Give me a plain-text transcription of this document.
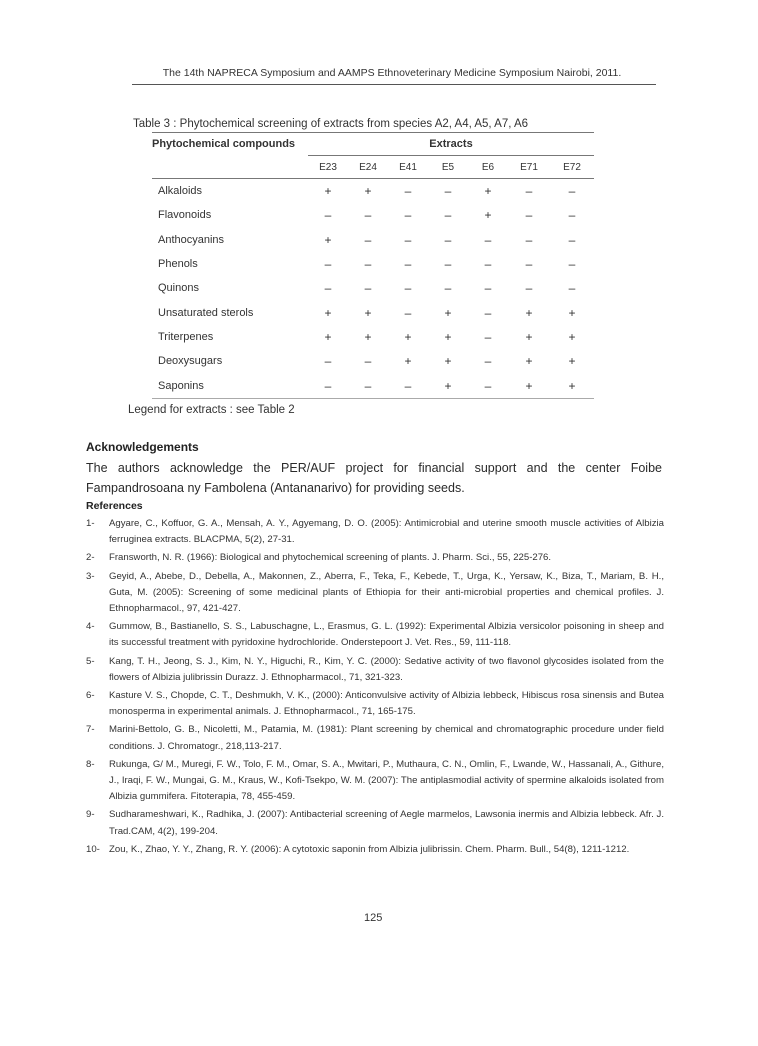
The 14th NAPRECA Symposium and AAMPS Ethnoveterinary Medicine Symposium Nairobi, 2011.
Table 3 : Phytochemical screening of extracts from species A2, A4, A5, A7, A6

Phytochemical compounds	Extracts						
	E23	E24	E41	E5	E6	E71	E72
Alkaloids	+	+	–	–	+	–	–
Flavonoids	–	–	–	–	+	–	–
Anthocyanins	+	–	–	–	–	–	–
Phenols	–	–	–	–	–	–	–
Quinons	–	–	–	–	–	–	–
Unsaturated sterols	+	+	–	+	–	+	+
Triterpenes	+	+	+	+	–	+	+
Deoxysugars	–	–	+	+	–	+	+
Saponins	–	–	–	+	–	+	+
Legend for extracts : see Table 2
Acknowledgements
The authors acknowledge the PER/AUF project for financial support and the center Foibe Fampandrosoana ny Fambolena (Antananarivo) for providing seeds.
References
1-	Agyare, C., Koffuor, G. A., Mensah, A. Y., Agyemang, D. O. (2005): Antimicrobial and uterine smooth muscle activities of Albizia ferruginea extracts. BLACPMA, 5(2), 27-31.
2-	Fransworth, N. R. (1966): Biological and phytochemical screening of plants. J. Pharm. Sci., 55, 225-276.
3-	Geyid, A., Abebe, D., Debella, A., Makonnen, Z., Aberra, F., Teka, F., Kebede, T., Urga, K., Yersaw, K., Biza, T., Mariam, B. H., Guta, M. (2005): Screening of some medicinal plants of Ethiopia for their anti-microbial properties and chemical profiles. J. Ethnopharmacol., 97, 421-427.
4-	Gummow, B., Bastianello, S. S., Labuschagne, L., Erasmus, G. L. (1992): Experimental Albizia versicolor poisoning in sheep and its successful treatment with pyridoxine hydrochloride. Onderstepoort J. Vet. Res., 59, 111-118.
5-	Kang, T. H., Jeong, S. J., Kim, N. Y., Higuchi, R., Kim, Y. C. (2000): Sedative activity of two flavonol glycosides isolated from the flowers of Albizia julibrissin Durazz. J. Ethnopharmacol., 71, 321-323.
6-	Kasture V. S., Chopde, C. T., Deshmukh, V. K., (2000): Anticonvulsive activity of Albizia lebbeck, Hibiscus rosa sinensis and Butea monosperma in experimental animals. J. Ethnopharmacol., 71, 165-175.
7-	Marini-Bettolo, G. B., Nicoletti, M., Patamia, M. (1981): Plant screening by chemical and chromatographic procedure under field conditions. J. Chromatogr., 218,113-217.
8-	Rukunga, G/ M., Muregi, F. W., Tolo, F. M., Omar, S. A., Mwitari, P., Muthaura, C. N., Omlin, F., Lwande, W., Hassanali, A., Githure, J., Iraqi, F. W., Mungai, G. M., Kraus, W., Kofi-Tsekpo, W. M. (2007): The antiplasmodial activity of spermine alkaloids isolated from Albizia gummifera. Fitoterapia, 78, 455-459.
9-	Sudharameshwari, K., Radhika, J. (2007): Antibacterial screening of Aegle marmelos, Lawsonia inermis and Albizia lebbeck. Afr. J. Trad.CAM, 4(2), 199-204.
10- Zou, K., Zhao, Y. Y., Zhang, R. Y. (2006): A cytotoxic saponin from Albizia julibrissin. Chem. Pharm. Bull., 54(8), 1211-1212.
125
